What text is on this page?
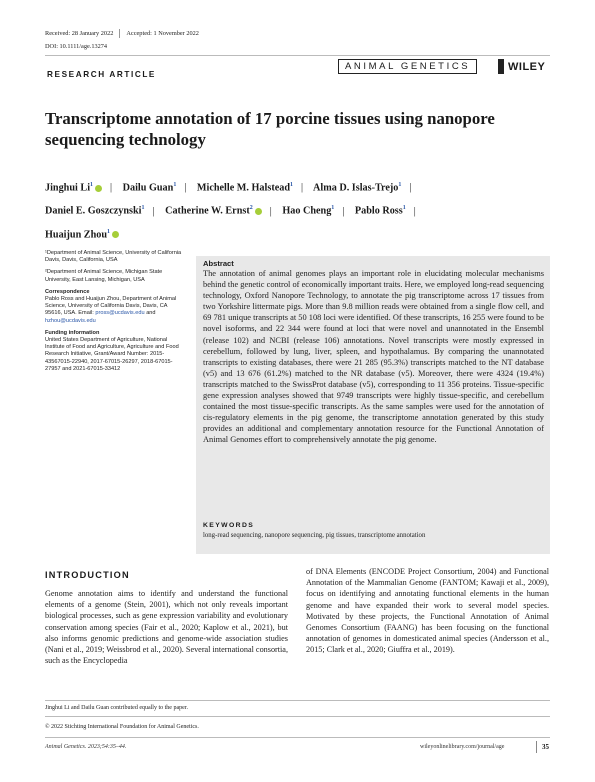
Received: 28 January 2022 Accepted: 1 November 2022
DOI: 10.1111/age.13274
RESEARCH ARTICLE
ANIMAL GENETICS	WILEY
Transcriptome annotation of 17 porcine tissues using nanopore sequencing technology
Jinghui Li$^1$ | Dailu Guan$^1$ | Michelle M. Halstead$^1$ | Alma D. Islas-Trejo$^1$ |
Daniel E. Goszczynski$^1$ | Catherine W. Ernst$^2$ | Hao Cheng$^1$ | Pablo Ross$^1$ |
Huaijun Zhou$^1$

¹Department of Animal Science, University of California Davis, Davis, California, USA

²Department of Animal Science, Michigan State University, East Lansing, Michigan, USA

Correspondence

Pablo Ross and Huaijun Zhou, Department of Animal Science, University of California Davis, Davis, CA 95616, USA. Email: pross@ucdavis.edu and
hzhou@ucdavis.edu

Funding information

United States Department of Agriculture, National Institute of Food and Agriculture, Agriculture and Food Research Initiative, Grant/Award Number: 2015-43567015-22940, 2017-67015-26297, 2018-67015-27957 and 2021-67015-33412

Abstract

The annotation of animal genomes plays an important role in elucidating molecular mechanisms behind the genetic control of economically important traits. Here, we employed long-read sequencing technology, Oxford Nanopore Technology, to annotate the pig transcriptome across 17 tissues from two Yorkshire littermate pigs. More than 9.8 million reads were obtained from a single flow cell, and 69 781 unique transcripts at 50 108 loci were identified. Of these transcripts, 16 255 were found to be novel isoforms, and 22 344 were found at loci that were novel and unannotated in the Ensembl (release 102) and NCBI (release 106) annotations. Novel transcripts were mostly expressed in cerebellum, followed by lung, liver, spleen, and hypothalamus. By comparing the unannotated transcripts to existing databases, there were 21 285 (95.3%) transcripts matched to the NT database (v5) and 13 676 (61.2%) matched to the NR database (v5). Moreover, there were 4324 (19.4%) transcripts matched to the SwissProt database (v5), corresponding to 11 356 proteins. Tissue-specific gene expression analyses showed that 9749 transcripts were highly tissue-specific, and cerebellum contained the most tissue-specific transcripts. As the same samples were used for the annotation of cis-regulatory elements in the pig genome, the transcriptome annotation generated by this study provides an additional and complementary annotation resource for the Functional Annotation of Animal Genomes effort to comprehensively annotate the pig genome.

KEYWORDS
long-read sequencing, nanopore sequencing, pig tissues, transcriptome annotation
INTRODUCTION

Genome annotation aims to identify and understand the functional elements of a genome (Stein, 2001), which not only reveals important biological processes, such as gene expression variability and evolutionary conservation among species (Fair et al., 2020; Kaplow et al., 2021), but also informs genomic predictions and genome-wide association studies (Nani et al., 2019; Weissbrod et al., 2020). Several international consortia, such as the Encyclopedia

of DNA Elements (ENCODE Project Consortium, 2004) and Functional Annotation of the Mammalian Genome (FANTOM; Kawaji et al., 2009), focus on identifying and annotating functional elements in the human genome and have expanded their work to several model species. Motivated by these projects, the Functional Annotation of Animal Genomes Consortium (FAANG) has been focusing on the functional annotation of genomes in domesticated animal species (Andersson et al., 2015; Clark et al., 2020; Giuffra et al., 2019).

Jinghui Li and Dailu Guan contributed equally to the paper.
© 2022 Stichting International Foundation for Animal Genetics.
Animal Genetics. 2023;54:35–44.	wileyonlinelibrary.com/journal/age	35
